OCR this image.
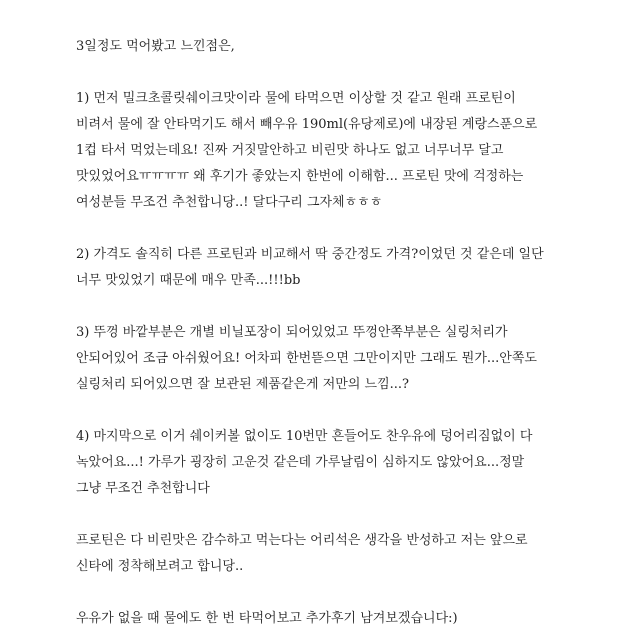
3일정도 먹어봤고 느낀점은,
1) 먼저 밀크초콜릿쉐이크맛이라 물에 타먹으면 이상할 것 같고 원래 프로틴이
비려서 물에 잘 안타먹기도 해서 빼우유 190ml(유당제로)에 내장된 계랑스푼으로
1컵 타서 먹었는데요! 진짜 거짓말안하고 비린맛 하나도 없고 너무너무 달고
맛있었어요ㅠㅠㅠㅠ 왜 후기가 좋았는지 한번에 이해함... 프로틴 맛에 걱정하는
여성분들 무조건 추천합니당..! 달다구리 그자체ㅎㅎㅎ
2) 가격도 솔직히 다른 프로틴과 비교해서 딱 중간정도 가격?이었던 것 같은데 일단
너무 맛있었기 때문에 매우 만족...!!!bb
3) 뚜껑 바깥부분은 개별 비닐포장이 되어있었고 뚜껑안쪽부분은 실링처리가
안되어있어 조금 아쉬웠어요! 어차피 한번뜯으면 그만이지만 그래도 뭔가...안쪽도
실링처리 되어있으면 잘 보관된 제품같은게 저만의 느낌...?
4) 마지막으로 이거 쉐이커볼 없이도 10번만 흔들어도 찬우유에 덩어리짐없이 다
녹았어요...! 가루가 굉장히 고운것 같은데 가루날림이 심하지도 않았어요...정말
그냥 무조건 추천합니다
프로틴은 다 비린맛은 감수하고 먹는다는 어리석은 생각을 반성하고 저는 앞으로
신타에 정착해보려고 합니당..
우유가 없을 때 물에도 한 번 타먹어보고 추가후기 남겨보겠습니다:)
